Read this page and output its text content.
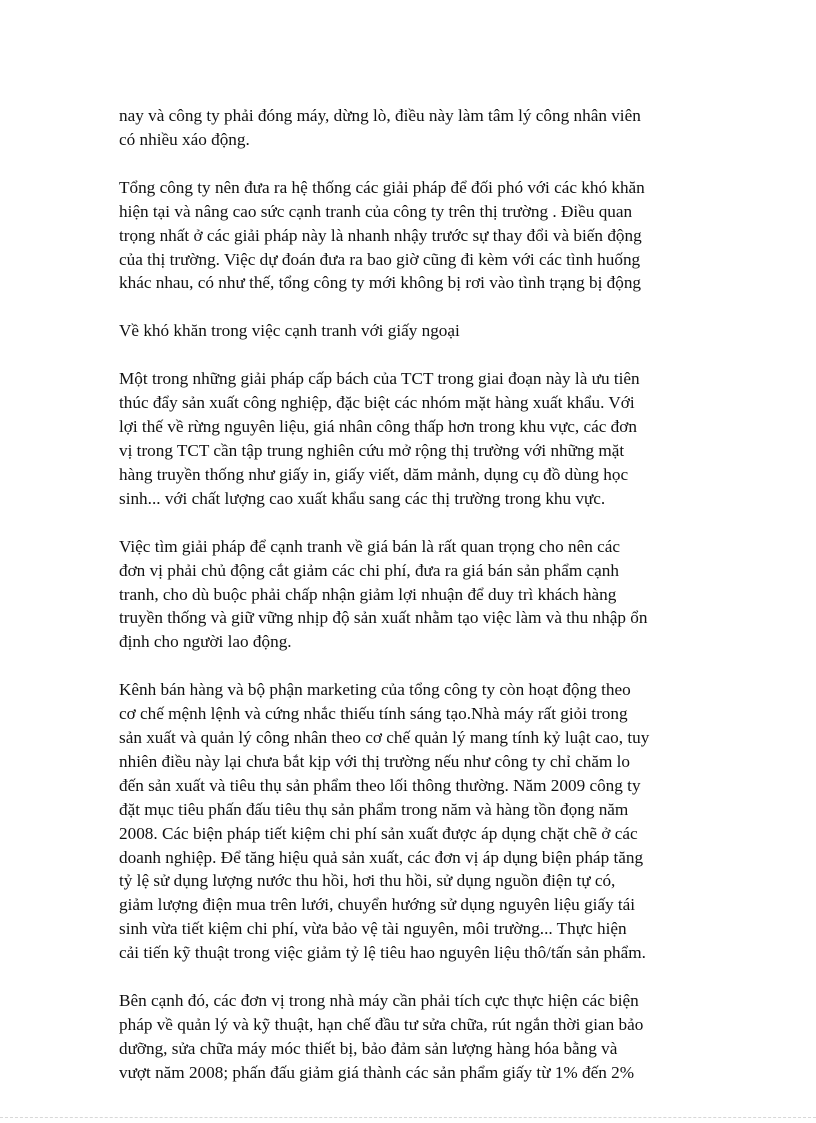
nay và công ty phải đóng máy, dừng lò, điều này làm tâm lý công nhân viên
có nhiều xáo động.

Tổng công ty nên đưa ra hệ thống các giải pháp để đối phó với các khó khăn
hiện tại và nâng cao sức cạnh tranh của công ty trên thị trường . Điều quan
trọng nhất ở các giải pháp này là nhanh nhậy trước sự thay đổi và biến động
của thị trường. Việc dự đoán đưa ra bao giờ cũng đi kèm với các tình huống
khác nhau, có như thế, tổng công ty mới không bị rơi vào tình trạng bị động

Về khó khăn trong việc cạnh tranh với giấy ngoại

Một trong những giải pháp cấp bách của TCT trong giai đoạn này là ưu tiên
thúc đẩy sản xuất công nghiệp, đặc biệt các nhóm mặt hàng xuất khẩu. Với
lợi thế về rừng nguyên liệu, giá nhân công thấp hơn trong khu vực, các đơn
vị trong TCT cần tập trung nghiên cứu mở rộng thị trường với những mặt
hàng truyền thống như giấy in, giấy viết, dăm mảnh, dụng cụ đồ dùng học
sinh... với chất lượng cao xuất khẩu sang các thị trường trong khu vực.

Việc tìm giải pháp để cạnh tranh về giá bán là rất quan trọng cho nên các
đơn vị phải chủ động cắt giảm các chi phí, đưa ra giá bán sản phẩm cạnh
tranh, cho dù buộc phải chấp nhận giảm lợi nhuận để duy trì khách hàng
truyền thống và giữ vững nhịp độ sản xuất nhằm tạo việc làm và thu nhập ổn
định cho người lao động.

Kênh bán hàng và bộ phận marketing của tổng công ty còn hoạt động theo
cơ chế mệnh lệnh và cứng nhắc thiếu tính sáng tạo.Nhà máy rất giỏi trong
sản xuất và quản lý công nhân theo cơ chế quản lý mang tính kỷ luật cao, tuy
nhiên điều này lại chưa bắt kịp với thị trường nếu như công ty chỉ chăm lo
đến sản xuất và tiêu thụ sản phẩm theo lối thông thường. Năm 2009 công ty
đặt mục tiêu phấn đấu tiêu thụ sản phẩm trong năm và hàng tồn đọng năm
2008. Các biện pháp tiết kiệm chi phí sản xuất được áp dụng chặt chẽ ở các
doanh nghiệp. Để tăng hiệu quả sản xuất, các đơn vị áp dụng biện pháp tăng
tỷ lệ sử dụng lượng nước thu hồi, hơi thu hồi, sử dụng nguồn điện tự có,
giảm lượng điện mua trên lưới, chuyển hướng sử dụng nguyên liệu giấy tái
sinh vừa tiết kiệm chi phí, vừa bảo vệ tài nguyên, môi trường... Thực hiện
cải tiến kỹ thuật trong việc giảm tỷ lệ tiêu hao nguyên liệu thô/tấn sản phẩm.

Bên cạnh đó, các đơn vị trong nhà máy cần phải tích cực thực hiện các biện
pháp về quản lý và kỹ thuật, hạn chế đầu tư sửa chữa, rút ngắn thời gian bảo
dưỡng, sửa chữa máy móc thiết bị, bảo đảm sản lượng hàng hóa bằng và
vượt năm 2008; phấn đấu giảm giá thành các sản phẩm giấy từ 1% đến 2%
